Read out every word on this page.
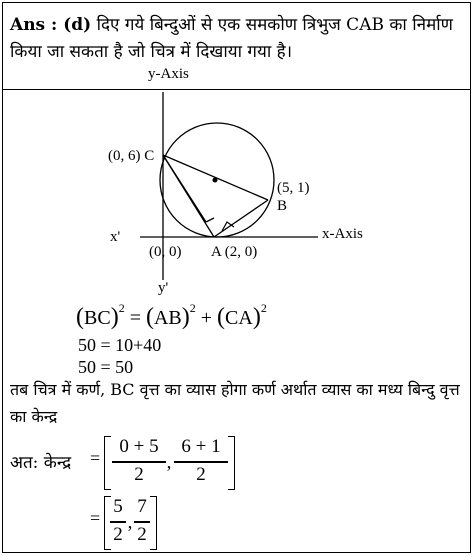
Ans : (d) दिए गये बिन्दुओं से एक समकोण त्रिभुज CAB का निर्माण किया जा सकता है जो चित्र में दिखाया गया है।
y-Axis
x-Axis
x'
y'
(0, 6) C
(5, 1)
B
(0, 0) A (2, 0)
(BC)$^2$ = (AB)$^2$ + (CA)$^2$
50 = 10+40
50 = 50
तब चित्र में कर्ण, BC वृत्त का व्यास होगा कर्ण अर्थात व्यास का मध्य बिन्दु वृत्त का केन्द्र
अत: केन्द्र =
0 + 5
2
,
6 + 1
2
=
5
2
,
7
2
